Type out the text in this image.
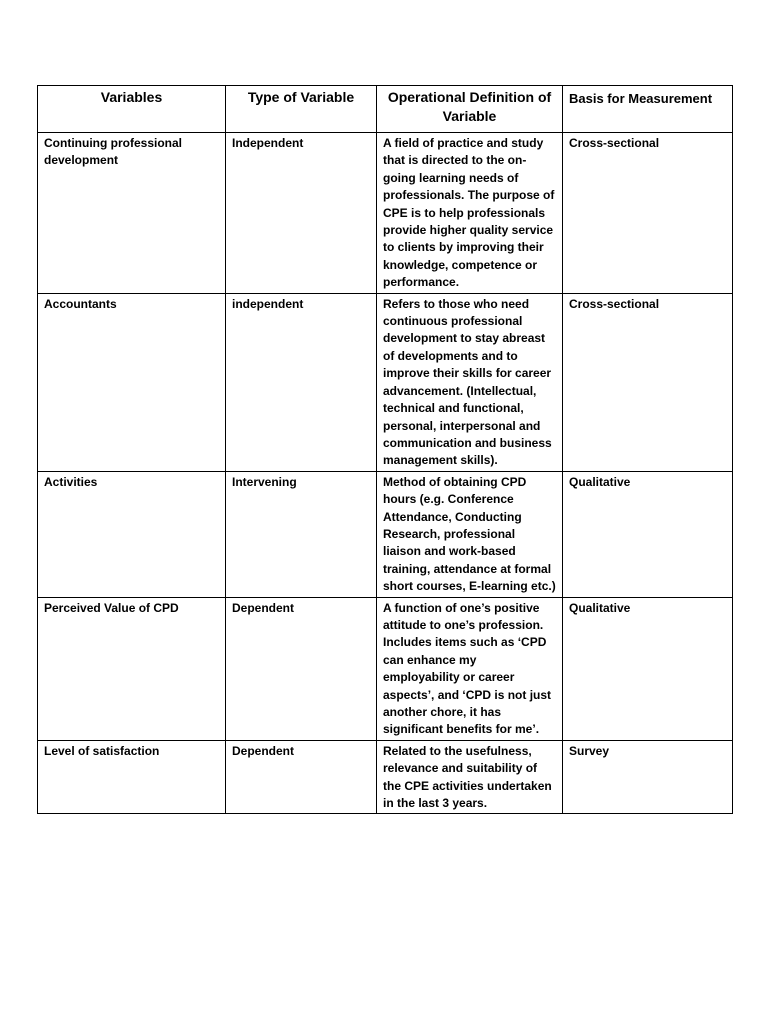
Variables	Type of Variable	Operational Definition of Variable	Basis for Measurement
Continuing professional development	Independent	A field of practice and study that is directed to the on-going learning needs of professionals. The purpose of CPE is to help professionals provide higher quality service to clients by improving their knowledge, competence or performance.	Cross-sectional
Accountants	independent	Refers to those who need continuous professional development to stay abreast of developments and to improve their skills for career advancement. (Intellectual, technical and functional, personal, interpersonal and communication and business management skills).	Cross-sectional
Activities	Intervening	Method of obtaining CPD hours (e.g. Conference Attendance, Conducting Research, professional liaison and work-based training, attendance at formal short courses, E-learning etc.)	Qualitative
Perceived Value of CPD	Dependent	A function of one’s positive attitude to one’s profession. Includes items such as ‘CPD can enhance my employability or career aspects’, and ‘CPD is not just another chore, it has significant benefits for me’.	Qualitative
Level of satisfaction	Dependent	Related to the usefulness, relevance and suitability of the CPE activities undertaken in the last 3 years.	Survey
